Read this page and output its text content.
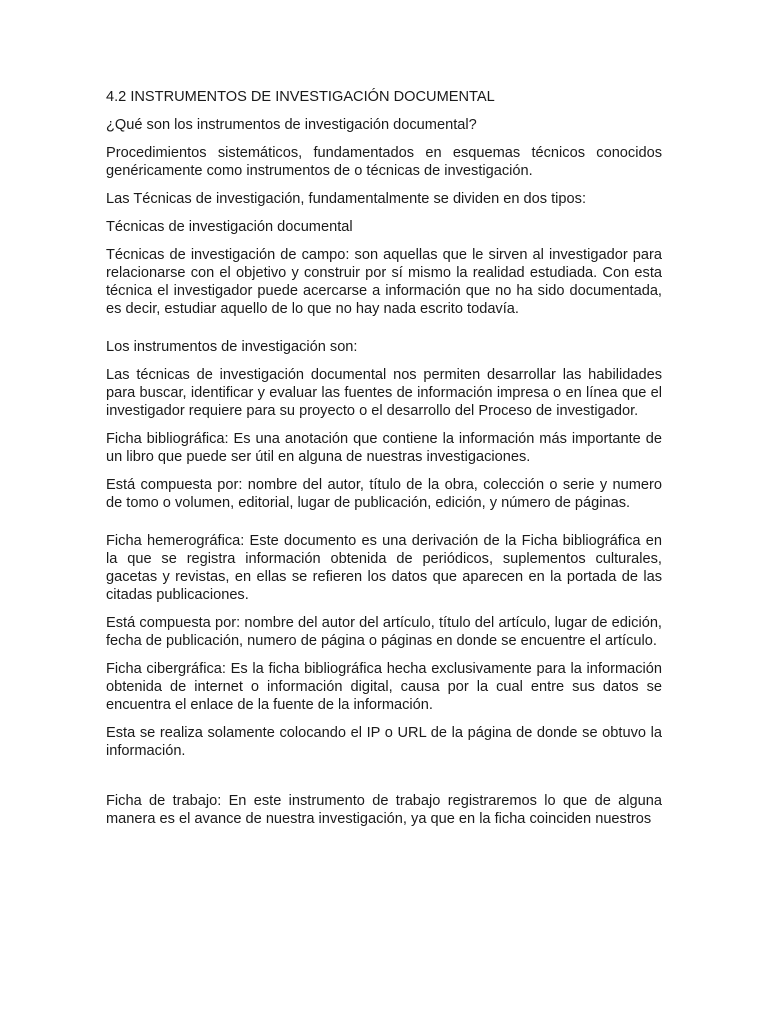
4.2 INSTRUMENTOS DE INVESTIGACIÓN DOCUMENTAL

¿Qué son los instrumentos de investigación documental?

Procedimientos sistemáticos, fundamentados en esquemas técnicos conocidos genéricamente como instrumentos de o técnicas de investigación.

Las Técnicas de investigación, fundamentalmente se dividen en dos tipos:

Técnicas de investigación documental

Técnicas de investigación de campo: son aquellas que le sirven al investigador para relacionarse con el objetivo y construir por sí mismo la realidad estudiada. Con esta técnica el investigador puede acercarse a información que no ha sido documentada, es decir, estudiar aquello de lo que no hay nada escrito todavía.

Los instrumentos de investigación son:

Las técnicas de investigación documental nos permiten desarrollar las habilidades para buscar, identificar y evaluar las fuentes de información impresa o en línea que el investigador requiere para su proyecto o el desarrollo del Proceso de investigador.

Ficha bibliográfica: Es una anotación que contiene la información más importante de un libro que puede ser útil en alguna de nuestras investigaciones.

Está compuesta por: nombre del autor, título de la obra, colección o serie y numero de tomo o volumen, editorial, lugar de publicación, edición, y número de páginas.

Ficha hemerográfica: Este documento es una derivación de la Ficha bibliográfica en la que se registra información obtenida de periódicos, suplementos culturales, gacetas y revistas, en ellas se refieren los datos que aparecen en la portada de las citadas publicaciones.

Está compuesta por: nombre del autor del artículo, título del artículo, lugar de edición, fecha de publicación, numero de página o páginas en donde se encuentre el artículo.

Ficha cibergráfica: Es la ficha bibliográfica hecha exclusivamente para la información obtenida de internet o información digital, causa por la cual entre sus datos se encuentra el enlace de la fuente de la información.

Esta se realiza solamente colocando el IP o URL de la página de donde se obtuvo la información.

Ficha de trabajo: En este instrumento de trabajo registraremos lo que de alguna manera es el avance de nuestra investigación, ya que en la ficha coinciden nuestros
